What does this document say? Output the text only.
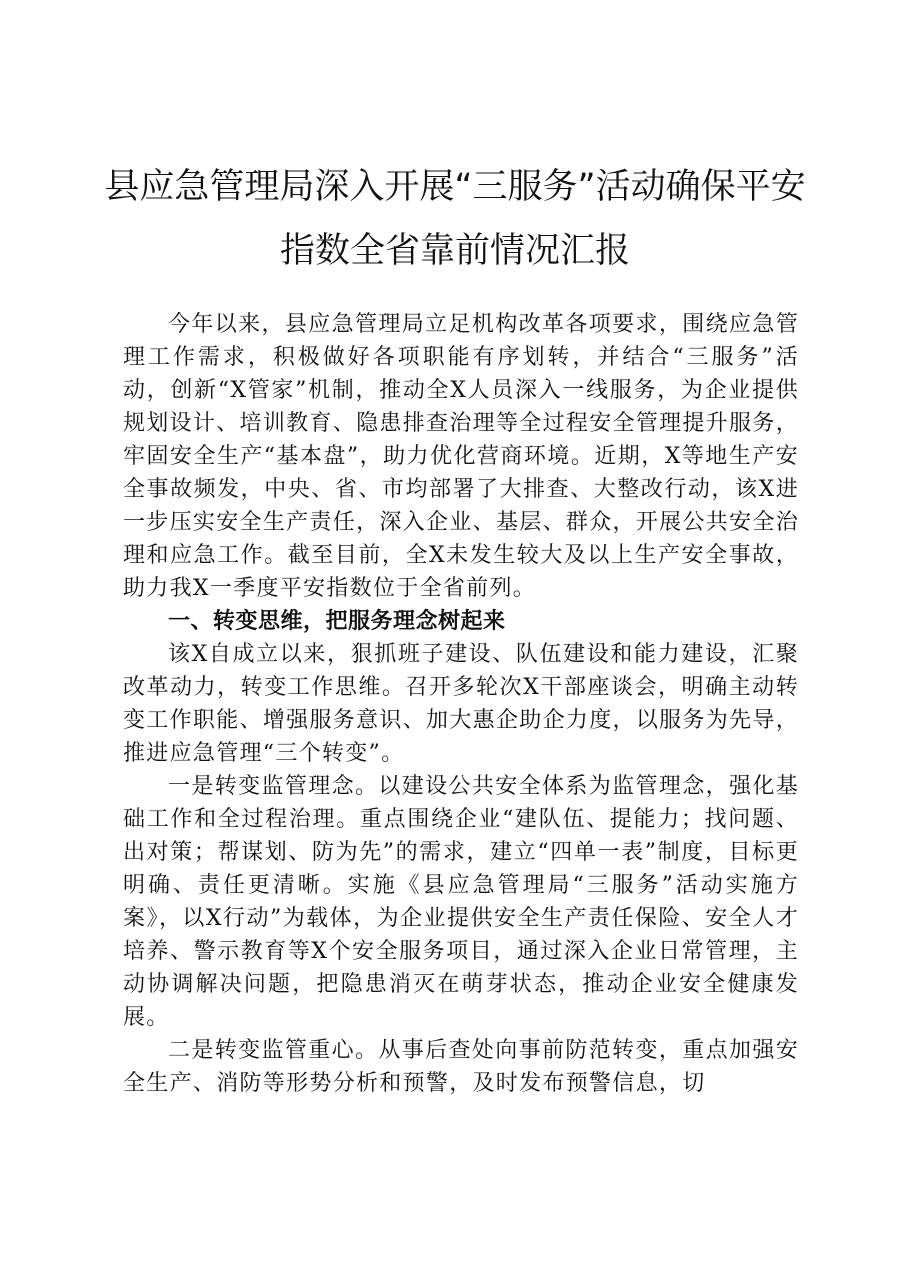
县应急管理局深入开展“三服务”活动确保平安指数全省靠前情况汇报

今年以来，县应急管理局立足机构改革各项要求，围绕应急管理工作需求，积极做好各项职能有序划转，并结合“三服务”活动，创新“X管家”机制，推动全X人员深入一线服务，为企业提供规划设计、培训教育、隐患排查治理等全过程安全管理提升服务，牢固安全生产“基本盘”，助力优化营商环境。近期，X等地生产安全事故频发，中央、省、市均部署了大排查、大整改行动，该X进一步压实安全生产责任，深入企业、基层、群众，开展公共安全治理和应急工作。截至目前，全X未发生较大及以上生产安全事故，助力我X一季度平安指数位于全省前列。

一、转变思维，把服务理念树起来

该X自成立以来，狠抓班子建设、队伍建设和能力建设，汇聚改革动力，转变工作思维。召开多轮次X干部座谈会，明确主动转变工作职能、增强服务意识、加大惠企助企力度，以服务为先导，推进应急管理“三个转变”。

一是转变监管理念。以建设公共安全体系为监管理念，强化基础工作和全过程治理。重点围绕企业“建队伍、提能力；找问题、出对策；帮谋划、防为先”的需求，建立“四单一表”制度，目标更明确、责任更清晰。实施《县应急管理局“三服务”活动实施方案》，以X行动”为载体，为企业提供安全生产责任保险、安全人才培养、警示教育等X个安全服务项目，通过深入企业日常管理，主动协调解决问题，把隐患消灭在萌芽状态，推动企业安全健康发展。

二是转变监管重心。从事后查处向事前防范转变，重点加强安全生产、消防等形势分析和预警，及时发布预警信息，切
